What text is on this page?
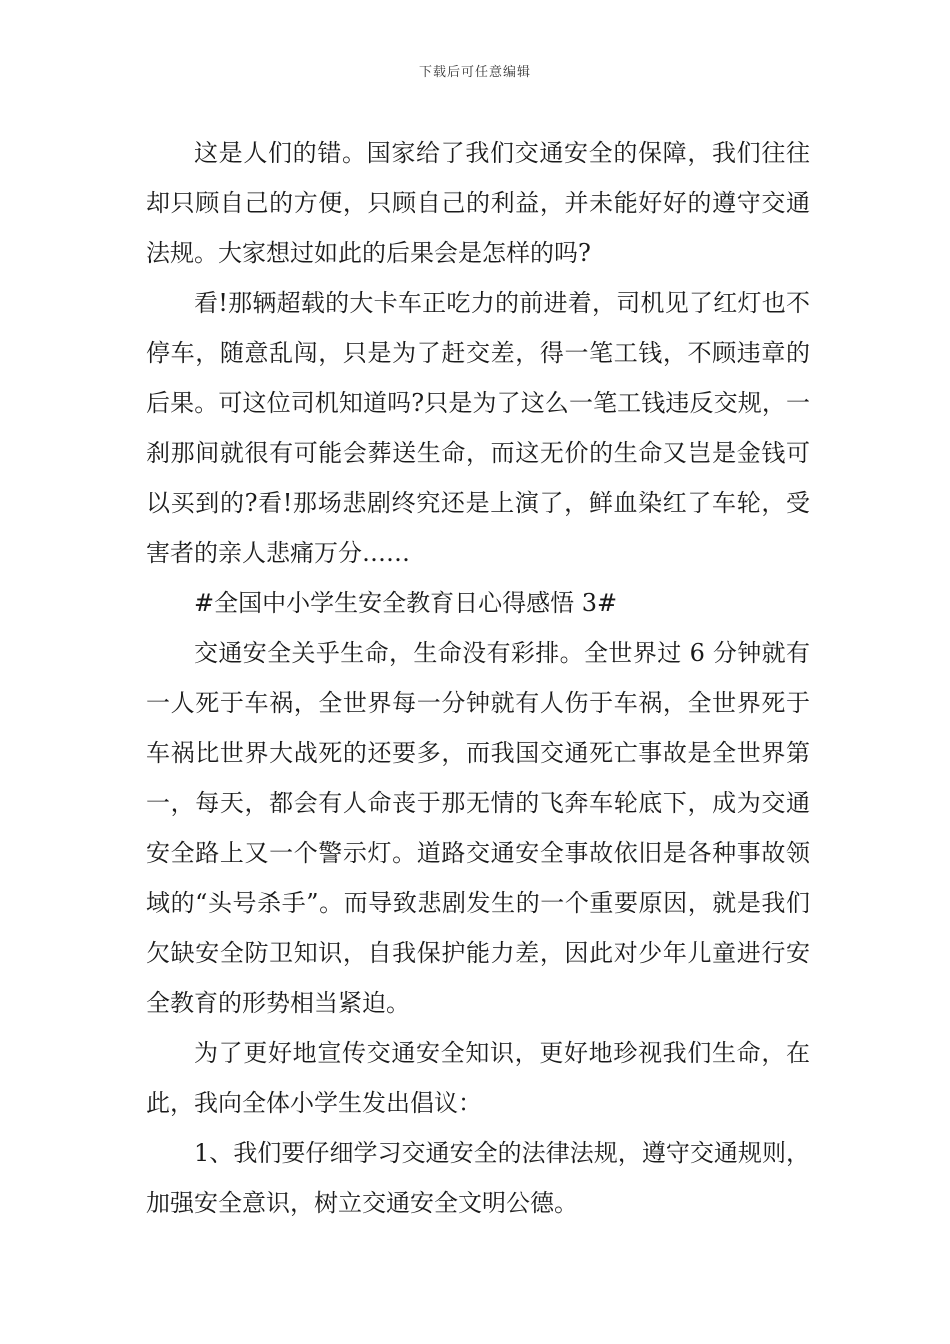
下载后可任意编辑

这是人们的错。国家给了我们交通安全的保障，我们往往却只顾自己的方便，只顾自己的利益，并未能好好的遵守交通法规。大家想过如此的后果会是怎样的吗?

看!那辆超载的大卡车正吃力的前进着，司机见了红灯也不停车，随意乱闯，只是为了赶交差，得一笔工钱，不顾违章的后果。可这位司机知道吗?只是为了这么一笔工钱违反交规，一刹那间就很有可能会葬送生命，而这无价的生命又岂是金钱可以买到的?看!那场悲剧终究还是上演了，鲜血染红了车轮，受害者的亲人悲痛万分……

#全国中小学生安全教育日心得感悟 3#

交通安全关乎生命，生命没有彩排。全世界过 6 分钟就有一人死于车祸，全世界每一分钟就有人伤于车祸，全世界死于车祸比世界大战死的还要多，而我国交通死亡事故是全世界第一，每天，都会有人命丧于那无情的飞奔车轮底下，成为交通安全路上又一个警示灯。道路交通安全事故依旧是各种事故领域的“头号杀手”。而导致悲剧发生的一个重要原因，就是我们欠缺安全防卫知识，自我保护能力差，因此对少年儿童进行安全教育的形势相当紧迫。

为了更好地宣传交通安全知识，更好地珍视我们生命，在此，我向全体小学生发出倡议：

1、我们要仔细学习交通安全的法律法规，遵守交通规则，加强安全意识，树立交通安全文明公德。
